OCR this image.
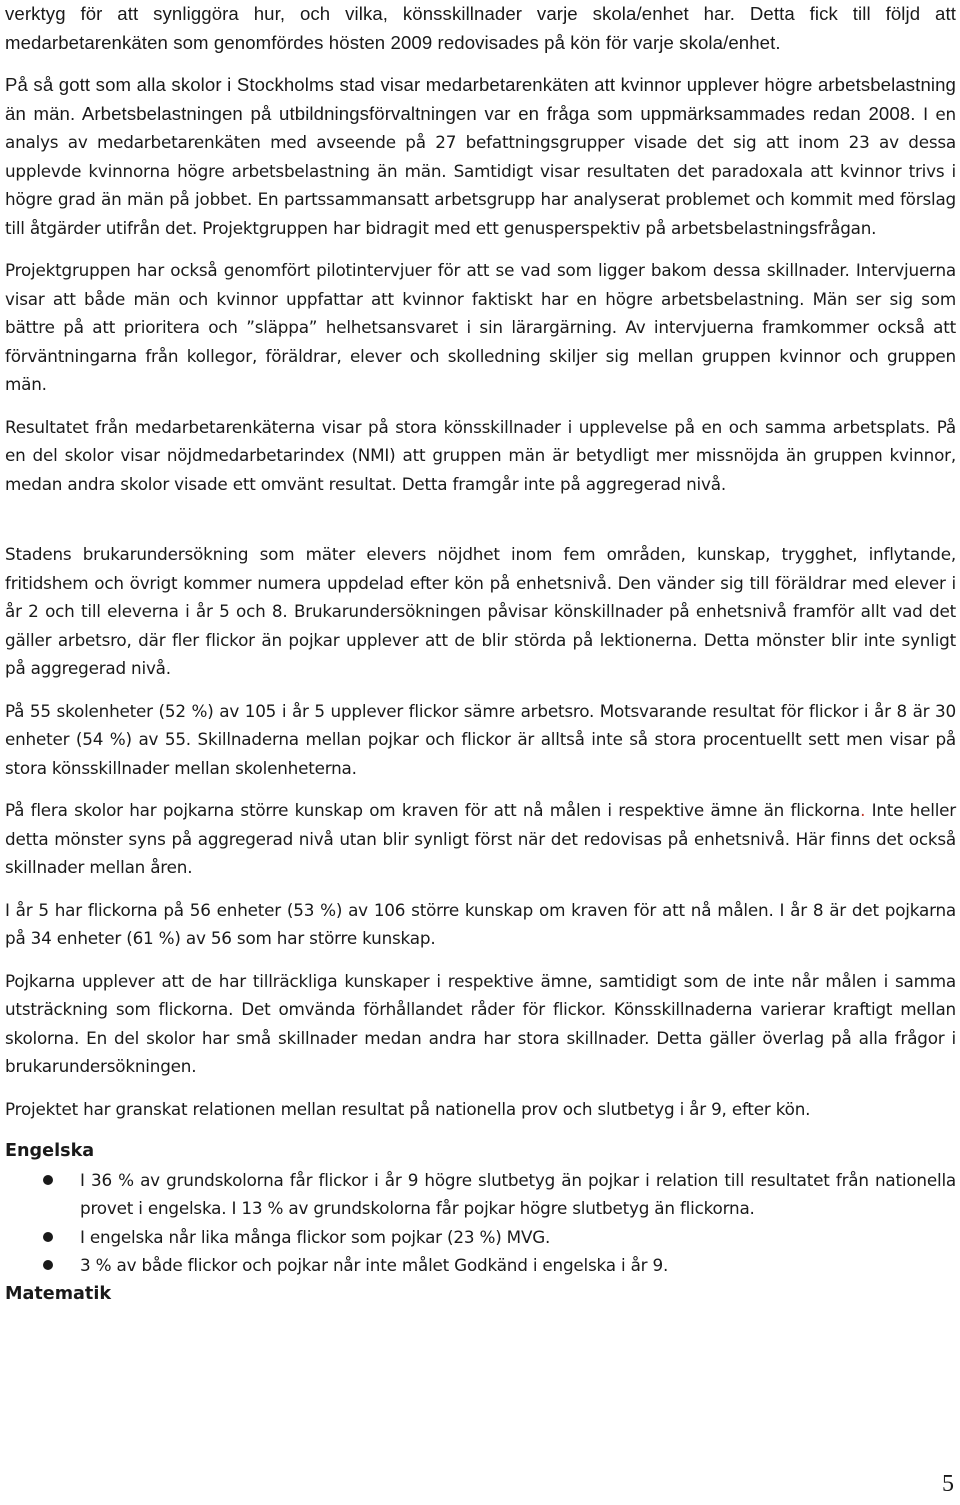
verktyg för att synliggöra hur, och vilka, könsskillnader varje skola/enhet har. Detta fick till följd att medarbetarenkäten som genomfördes hösten 2009 redovisades på kön för varje skola/enhet.

På så gott som alla skolor i Stockholms stad visar medarbetarenkäten att kvinnor upplever högre arbetsbelastning än män. Arbetsbelastningen på utbildningsförvaltningen var en fråga som uppmärksammades redan 2008. I en analys av medarbetarenkäten med avseende på 27 befattningsgrupper visade det sig att inom 23 av dessa upplevde kvinnorna högre arbetsbelastning än män. Samtidigt visar resultaten det paradoxala att kvinnor trivs i högre grad än män på jobbet. En partssammansatt arbetsgrupp har analyserat problemet och kommit med förslag till åtgärder utifrån det. Projektgruppen har bidragit med ett genusperspektiv på arbetsbelastningsfrågan.

Projektgruppen har också genomfört pilotintervjuer för att se vad som ligger bakom dessa skillnader. Intervjuerna visar att både män och kvinnor uppfattar att kvinnor faktiskt har en högre arbetsbelastning. Män ser sig som bättre på att prioritera och ”släppa” helhetsansvaret i sin lärargärning. Av intervjuerna framkommer också att förväntningarna från kollegor, föräldrar, elever och skolledning skiljer sig mellan gruppen kvinnor och gruppen män.

Resultatet från medarbetarenkäterna visar på stora könsskillnader i upplevelse på en och samma arbetsplats. På en del skolor visar nöjdmedarbetarindex (NMI) att gruppen män är betydligt mer missnöjda än gruppen kvinnor, medan andra skolor visade ett omvänt resultat. Detta framgår inte på aggregerad nivå.

Stadens brukarundersökning som mäter elevers nöjdhet inom fem områden, kunskap, trygghet, inflytande, fritidshem och övrigt kommer numera uppdelad efter kön på enhetsnivå. Den vänder sig till föräldrar med elever i år 2 och till eleverna i år 5 och 8. Brukarundersökningen påvisar könskillnader på enhetsnivå framför allt vad det gäller arbetsro, där fler flickor än pojkar upplever att de blir störda på lektionerna. Detta mönster blir inte synligt på aggregerad nivå.

På 55 skolenheter (52 %) av 105 i år 5 upplever flickor sämre arbetsro. Motsvarande resultat för flickor i år 8 är 30 enheter (54 %) av 55. Skillnaderna mellan pojkar och flickor är alltså inte så stora procentuellt sett men visar på stora könsskillnader mellan skolenheterna.

På flera skolor har pojkarna större kunskap om kraven för att nå målen i respektive ämne än flickorna. Inte heller detta mönster syns på aggregerad nivå utan blir synligt först när det redovisas på enhetsnivå. Här finns det också skillnader mellan åren.

I år 5 har flickorna på 56 enheter (53 %) av 106 större kunskap om kraven för att nå målen. I år 8 är det pojkarna på 34 enheter (61 %) av 56 som har större kunskap.

Pojkarna upplever att de har tillräckliga kunskaper i respektive ämne, samtidigt som de inte når målen i samma utsträckning som flickorna. Det omvända förhållandet råder för flickor. Könsskillnaderna varierar kraftigt mellan skolorna. En del skolor har små skillnader medan andra har stora skillnader. Detta gäller överlag på alla frågor i brukarundersökningen.

Projektet har granskat relationen mellan resultat på nationella prov och slutbetyg i år 9, efter kön.

Engelska
I 36 % av grundskolorna får flickor i år 9 högre slutbetyg än pojkar i relation till resultatet från nationella provet i engelska. I 13 % av grundskolorna får pojkar högre slutbetyg än flickorna.
I engelska når lika många flickor som pojkar (23 %) MVG.
3 % av både flickor och pojkar når inte målet Godkänd i engelska i år 9.
Matematik
5
